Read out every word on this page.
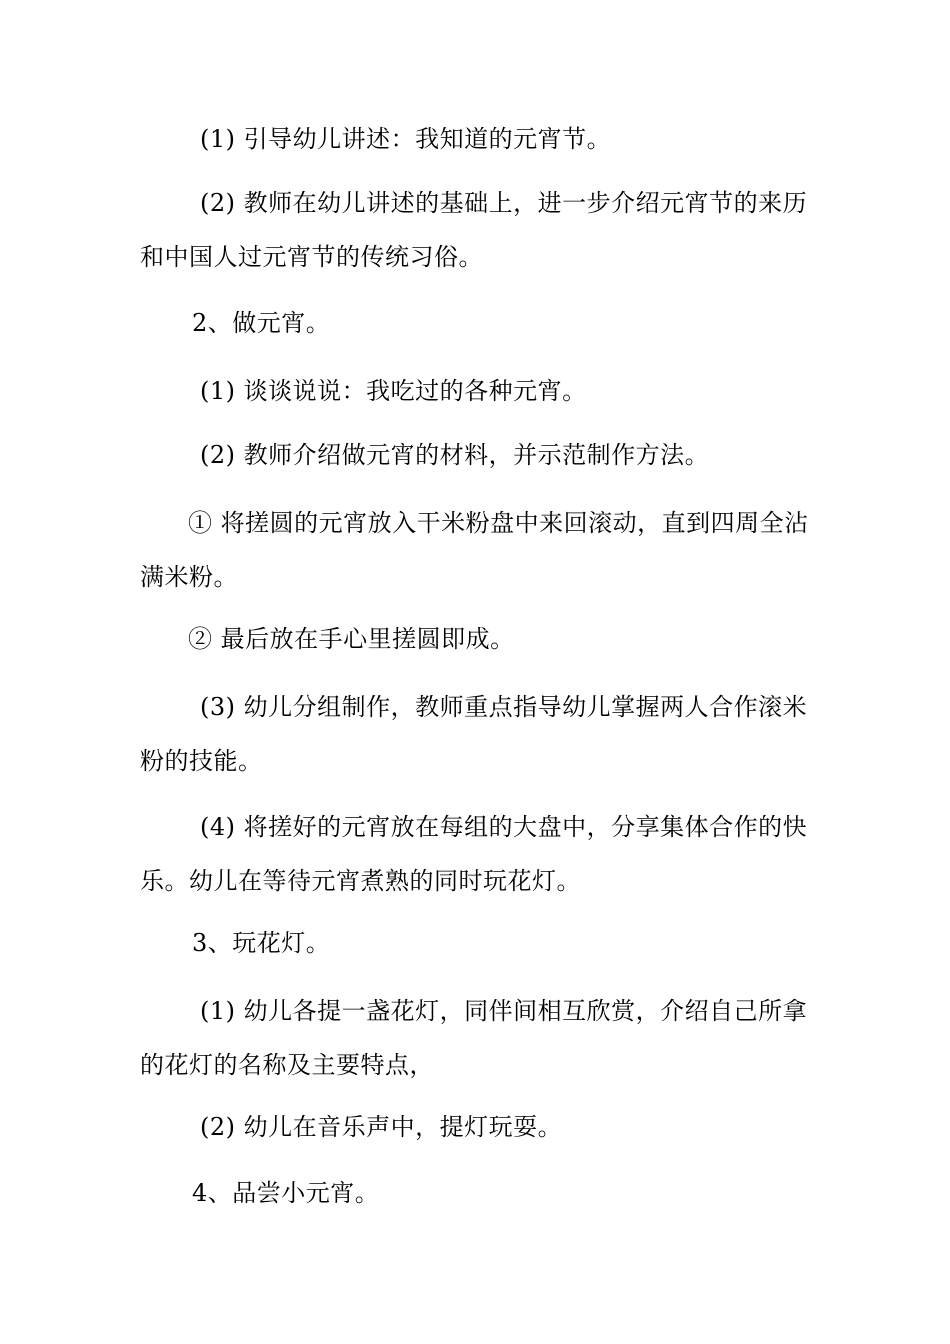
(1) 引导幼儿讲述：我知道的元宵节。

(2) 教师在幼儿讲述的基础上，进一步介绍元宵节的来历和中国人过元宵节的传统习俗。

2、做元宵。

(1) 谈谈说说：我吃过的各种元宵。

(2) 教师介绍做元宵的材料，并示范制作方法。

① 将搓圆的元宵放入干米粉盘中来回滚动，直到四周全沾满米粉。

② 最后放在手心里搓圆即成。

(3) 幼儿分组制作，教师重点指导幼儿掌握两人合作滚米粉的技能。

(4) 将搓好的元宵放在每组的大盘中，分享集体合作的快乐。幼儿在等待元宵煮熟的同时玩花灯。

3、玩花灯。

(1) 幼儿各提一盏花灯，同伴间相互欣赏，介绍自己所拿的花灯的名称及主要特点，

(2) 幼儿在音乐声中，提灯玩耍。

4、品尝小元宵。
